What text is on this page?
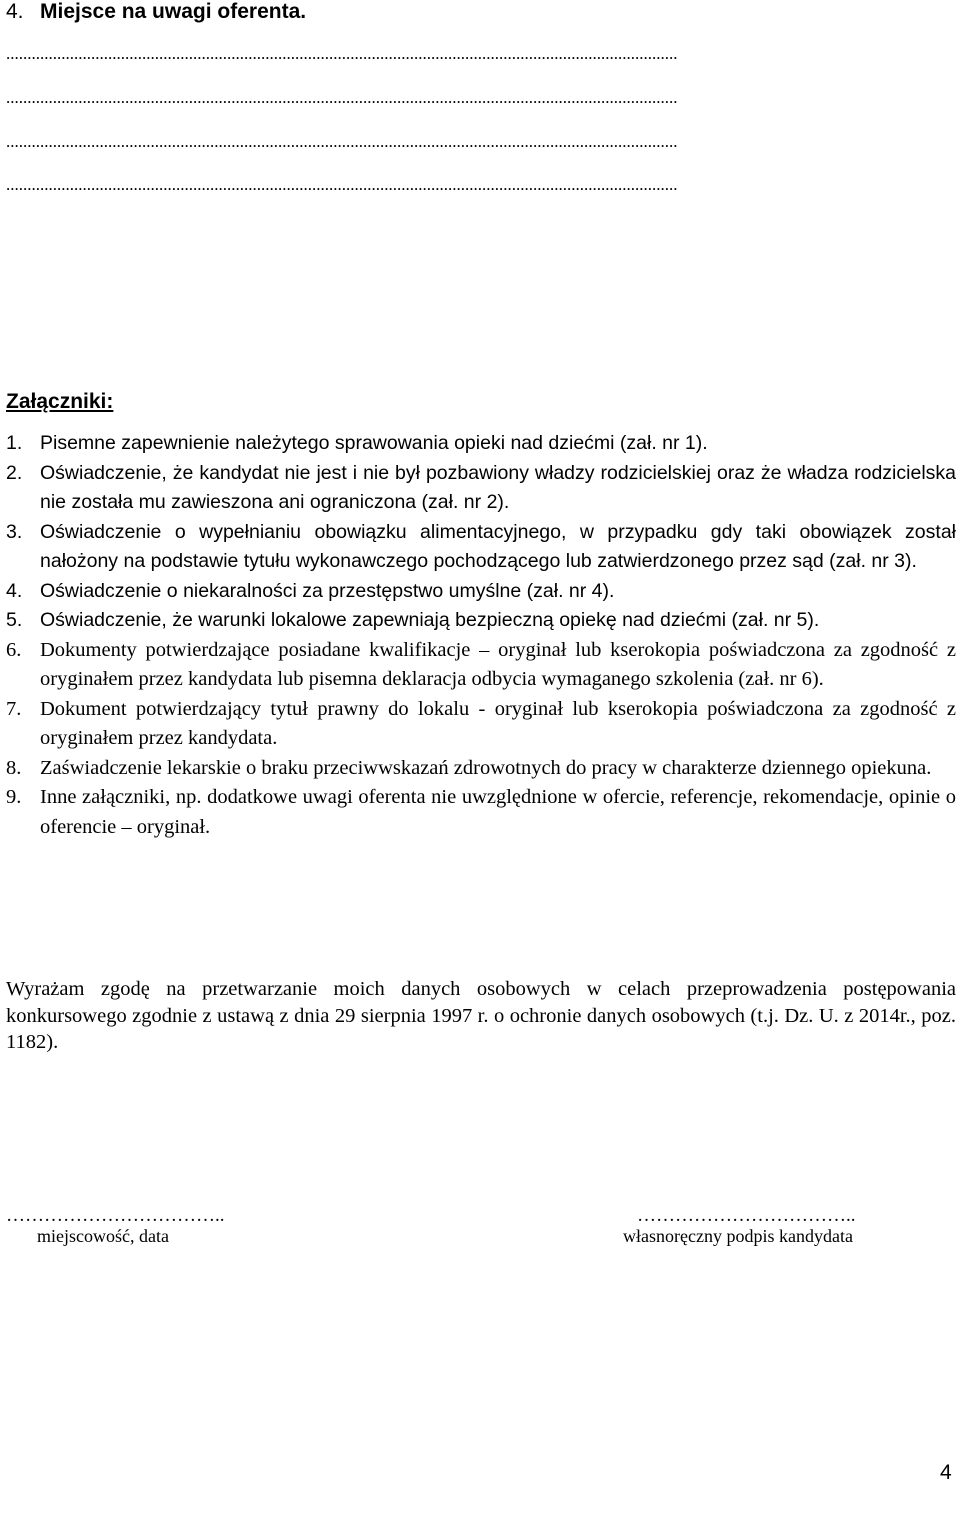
4. Miejsce na uwagi oferenta.
..............................................................................................................................................................
..............................................................................................................................................................
..............................................................................................................................................................
..............................................................................................................................................................
Załączniki:
1. Pisemne zapewnienie należytego sprawowania opieki nad dziećmi (zał. nr 1).
2. Oświadczenie, że kandydat nie jest i nie był pozbawiony władzy rodzicielskiej oraz że władza rodzicielska nie została mu zawieszona ani ograniczona (zał. nr 2).
3. Oświadczenie o wypełnianiu obowiązku alimentacyjnego, w przypadku gdy taki obowiązek został nałożony na podstawie tytułu wykonawczego pochodzącego lub zatwierdzonego przez sąd (zał. nr 3).
4. Oświadczenie o niekaralności za przestępstwo umyślne (zał. nr 4).
5. Oświadczenie, że warunki lokalowe zapewniają bezpieczną opiekę nad dziećmi (zał. nr 5).
6. Dokumenty potwierdzające posiadane kwalifikacje – oryginał lub kserokopia poświadczona za zgodność z oryginałem przez kandydata lub pisemna deklaracja odbycia wymaganego szkolenia (zał. nr 6).
7. Dokument potwierdzający tytuł prawny do lokalu - oryginał lub kserokopia poświadczona za zgodność z oryginałem przez kandydata.
8. Zaświadczenie lekarskie o braku przeciwwskazań zdrowotnych do pracy w charakterze dziennego opiekuna.
9. Inne załączniki, np. dodatkowe uwagi oferenta nie uwzględnione w ofercie, referencje, rekomendacje, opinie o oferencie – oryginał.
Wyrażam zgodę na przetwarzanie moich danych osobowych w celach przeprowadzenia postępowania konkursowego zgodnie z ustawą z dnia 29 sierpnia 1997 r. o ochronie danych osobowych (t.j. Dz. U. z 2014r., poz. 1182).
……………………………..	……………………………..
miejscowość, data	własnoręczny podpis kandydata
4
